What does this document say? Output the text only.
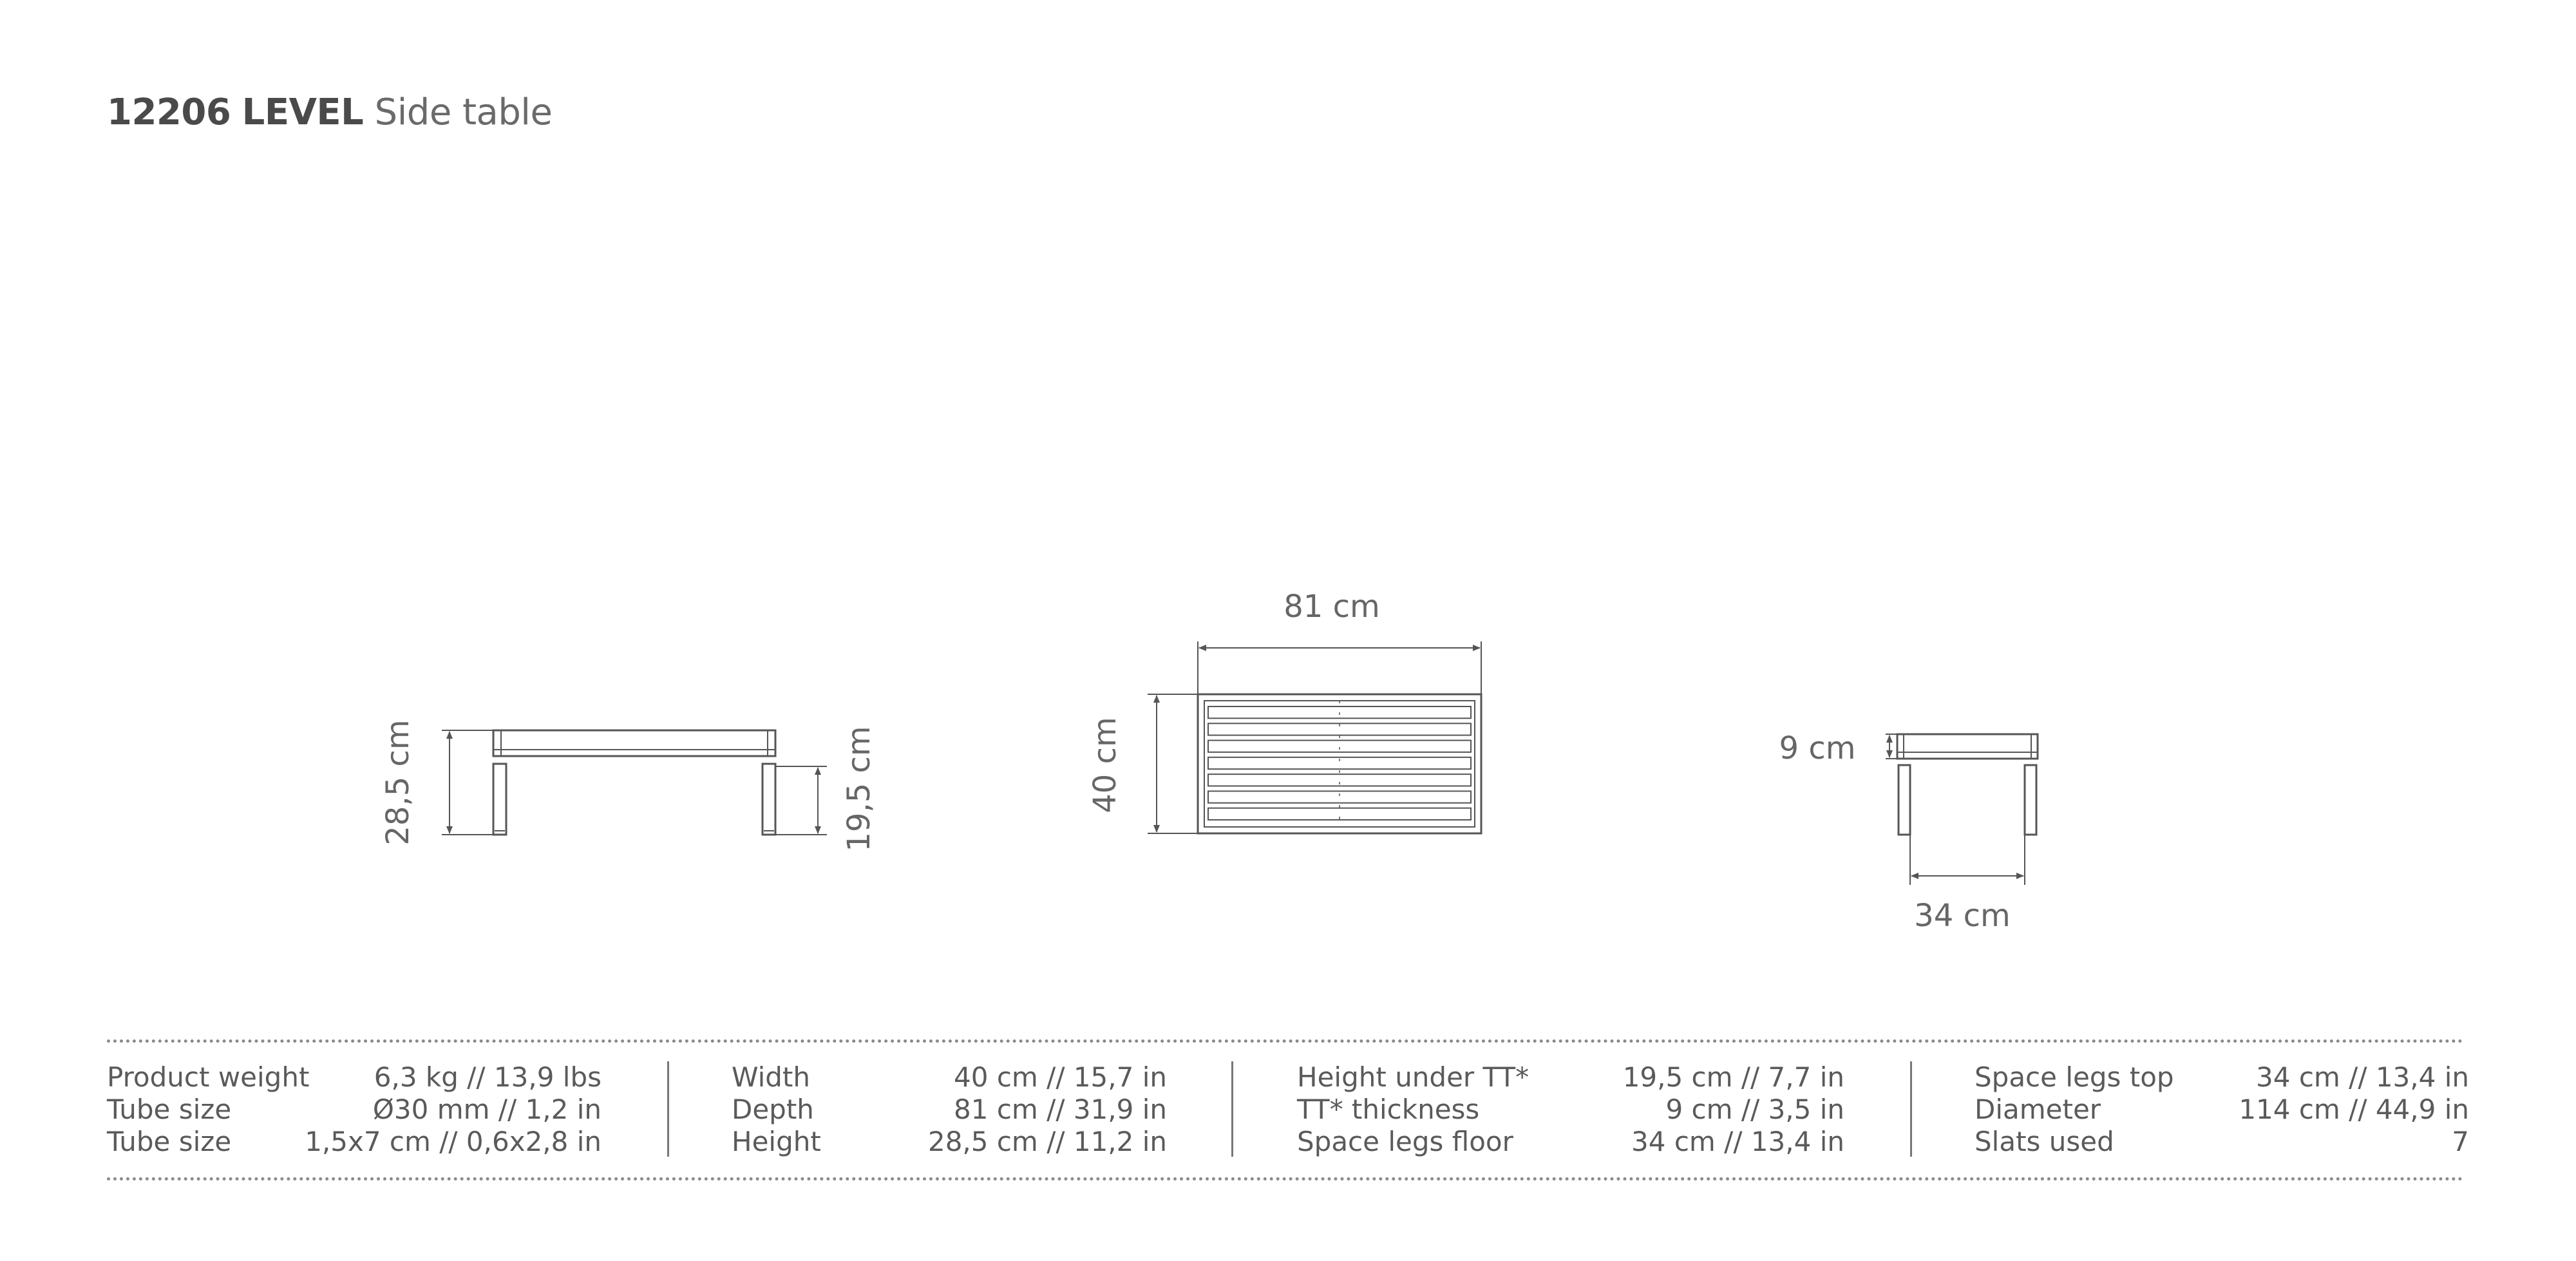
12206 LEVEL Side table
28,5 cm	19,5 cm
81 cm
40 cm	9 cm
34 cm
Product weight 6,3 kg // 13,9 lbs
Tube size	Ø30 mm // 1,2 in
Tube size	1,5x7 cm // 0,6x2,8 in
Width	40 cm // 15,7 in
Depth	81 cm // 31,9 in
Height	28,5 cm // 11,2 in
Height under TT*	19,5 cm // 7,7 in
TT* thickness	9 cm // 3,5 in
Space legs floor	34 cm // 13,4 in
Space legs top	34 cm // 13,4 in
Diameter	114 cm // 44,9 in
Slats used	7
